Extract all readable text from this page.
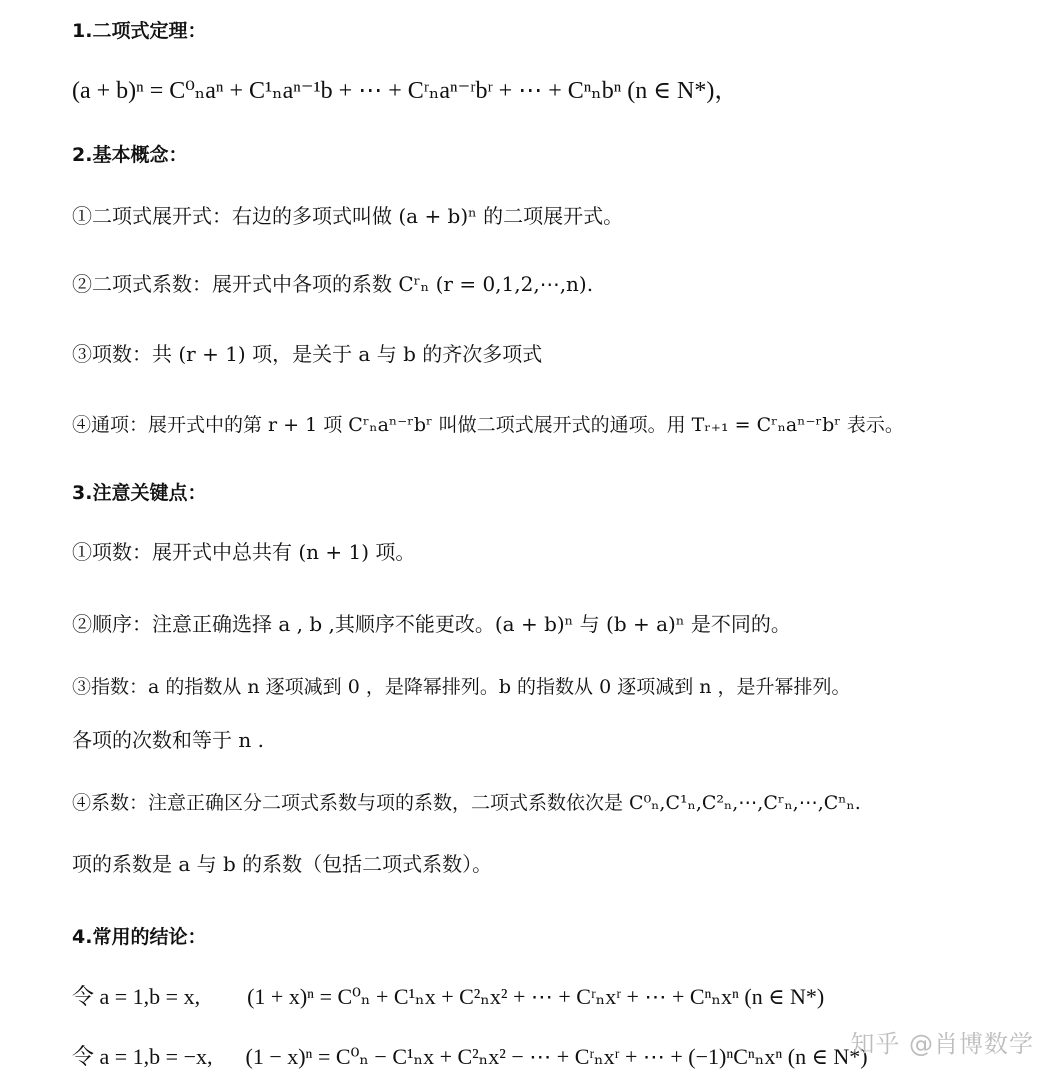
1.二项式定理：
(a + b)ⁿ = C⁰ₙaⁿ + C¹ₙaⁿ⁻¹b + ⋯ + Cʳₙaⁿ⁻ʳbʳ + ⋯ + Cⁿₙbⁿ (n ∈ N*)，
2.基本概念：
①二项式展开式：右边的多项式叫做 (a + b)ⁿ 的二项展开式。
②二项式系数：展开式中各项的系数 Cʳₙ (r = 0,1,2,⋯,n).
③项数：共 (r + 1) 项，是关于 a 与 b 的齐次多项式
④通项：展开式中的第 r + 1 项 Cʳₙaⁿ⁻ʳbʳ 叫做二项式展开式的通项。用 Tᵣ₊₁ = Cʳₙaⁿ⁻ʳbʳ 表示。
3.注意关键点：
①项数：展开式中总共有 (n + 1) 项。
②顺序：注意正确选择 a , b ,其顺序不能更改。(a + b)ⁿ 与 (b + a)ⁿ 是不同的。
③指数：a 的指数从 n 逐项减到 0 ，是降幂排列。b 的指数从 0 逐项减到 n ，是升幂排列。
各项的次数和等于 n .
④系数：注意正确区分二项式系数与项的系数，二项式系数依次是 C⁰ₙ,C¹ₙ,C²ₙ,⋯,Cʳₙ,⋯,Cⁿₙ.
项的系数是 a 与 b 的系数（包括二项式系数）。
4.常用的结论：
令 a = 1,b = x, (1 + x)ⁿ = C⁰ₙ + C¹ₙx + C²ₙx² + ⋯ + Cʳₙxʳ + ⋯ + Cⁿₙxⁿ (n ∈ N*)
令 a = 1,b = −x, (1 − x)ⁿ = C⁰ₙ − C¹ₙx + C²ₙx² − ⋯ + Cʳₙxʳ + ⋯ + (−1)ⁿCⁿₙxⁿ (n ∈ N*)
知乎 @肖博数学
